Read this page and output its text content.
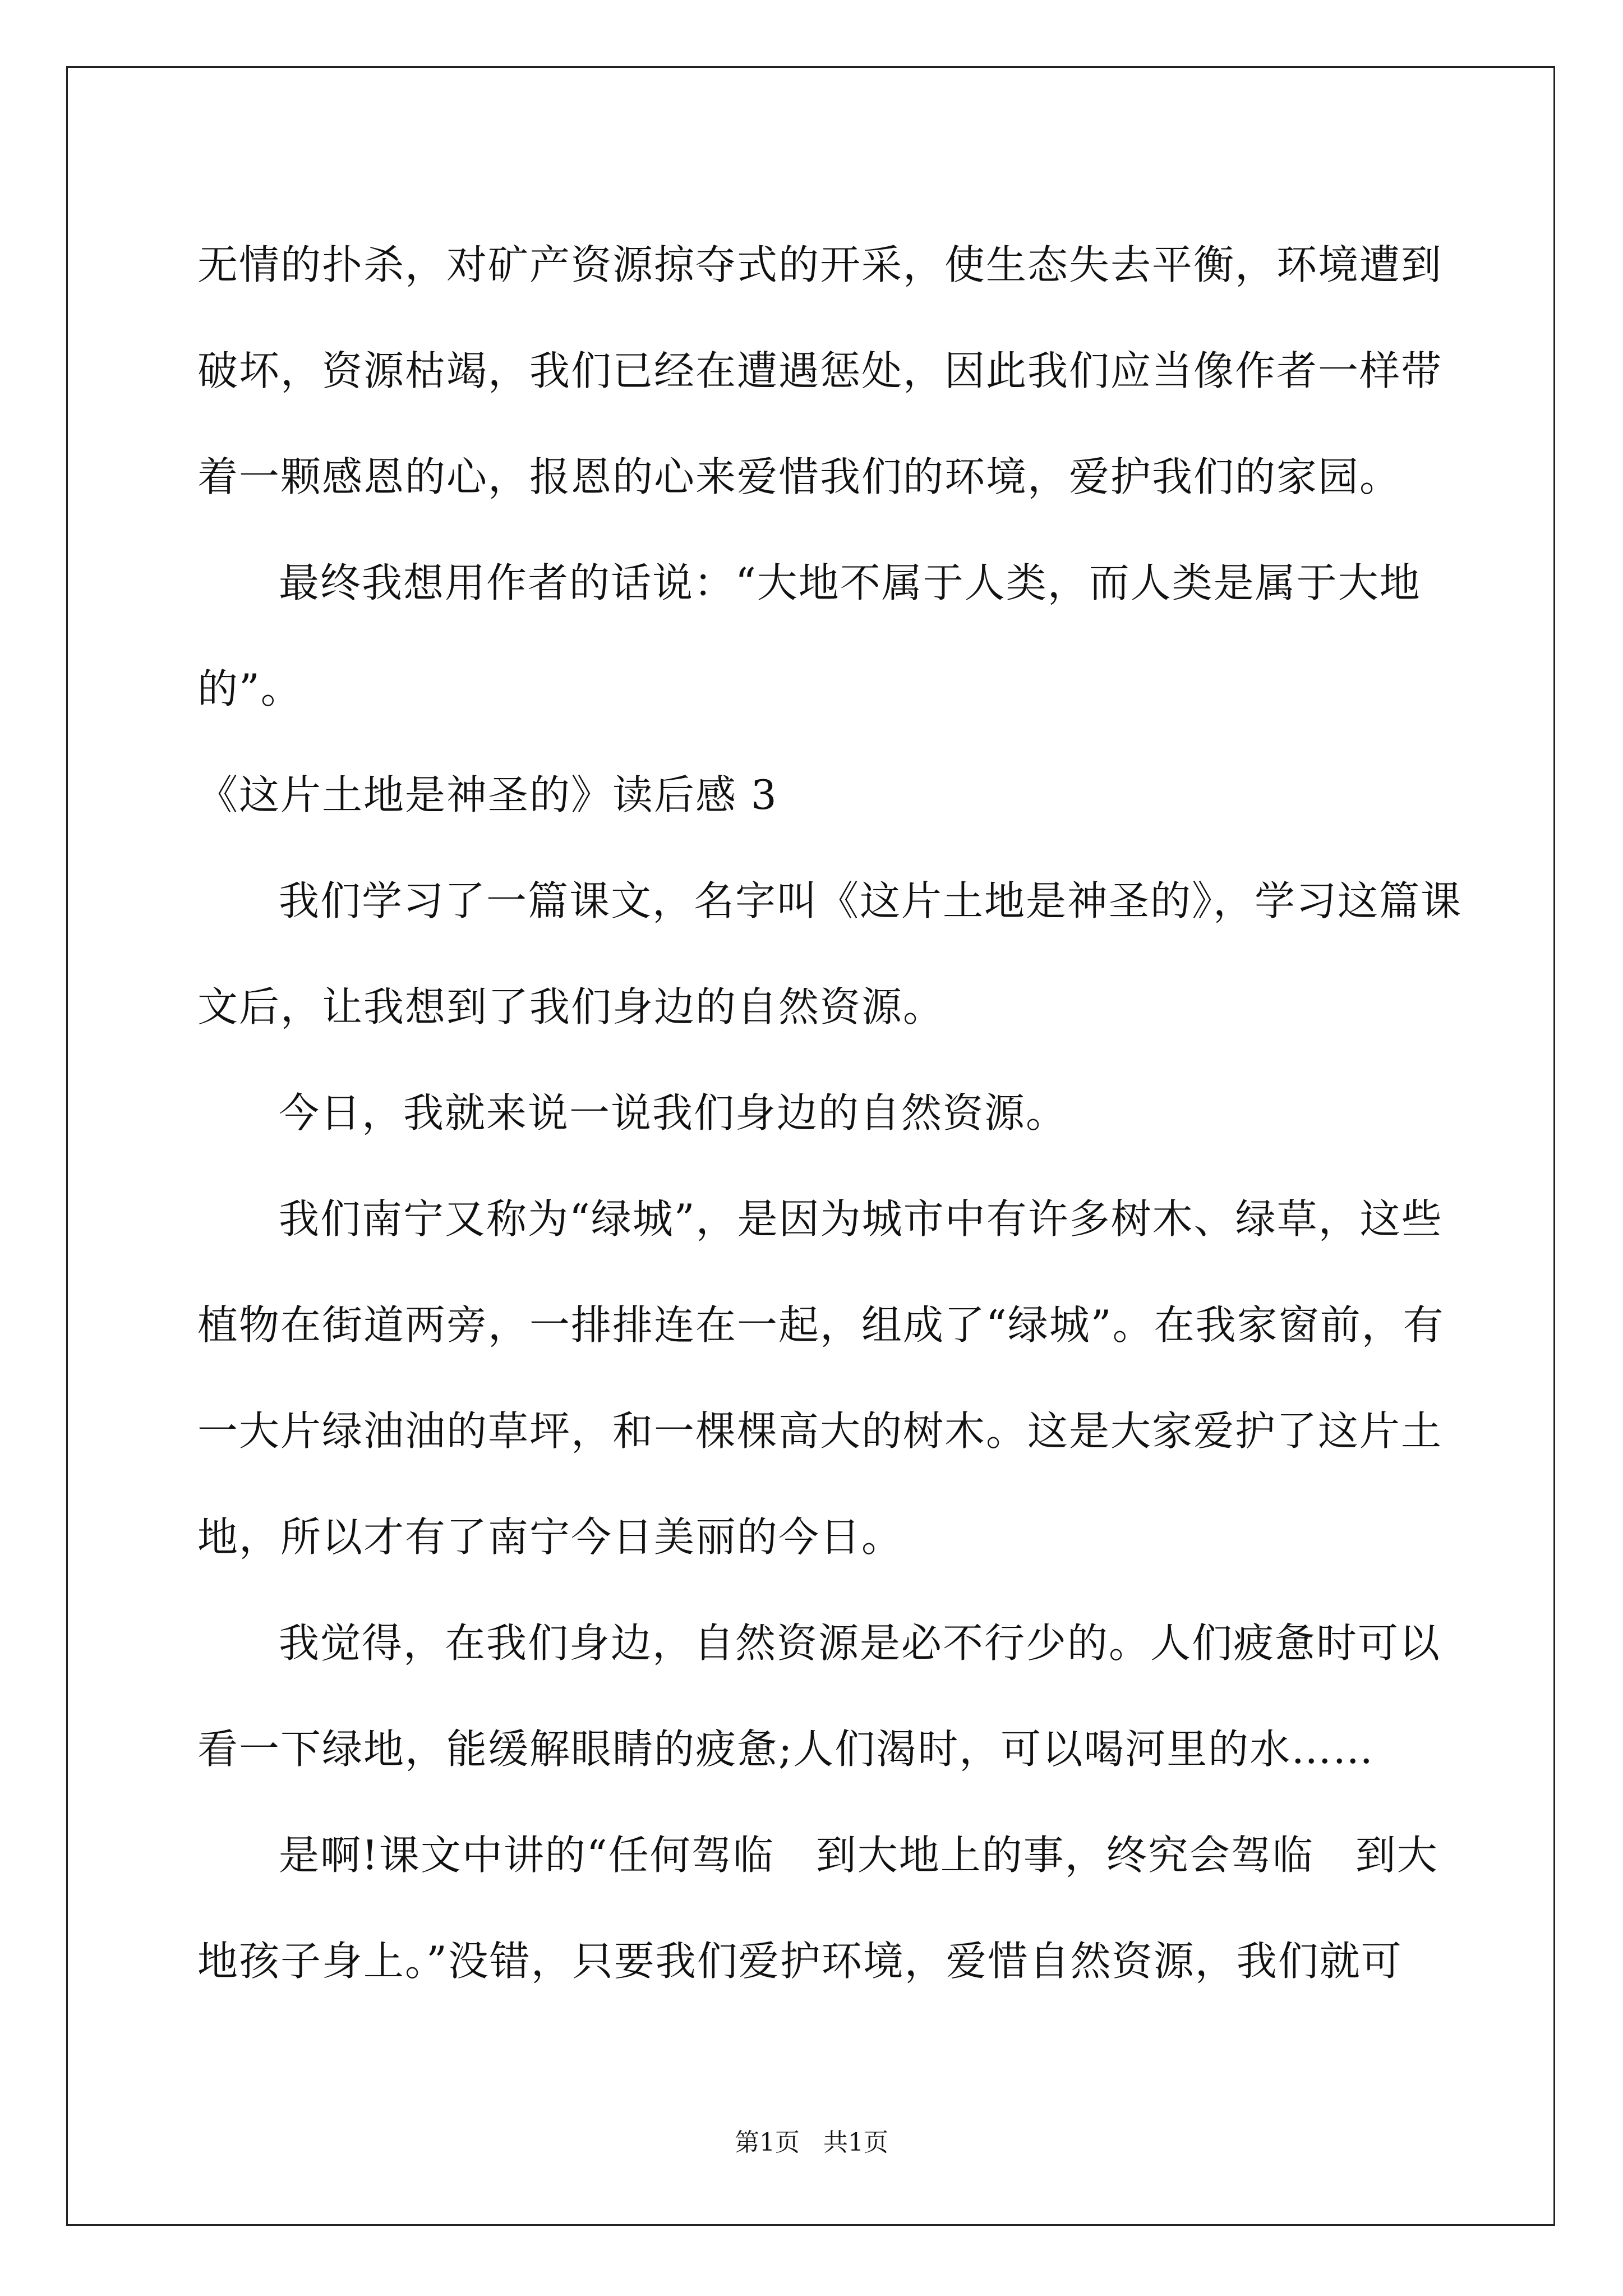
无情的扑杀，对矿产资源掠夺式的开采，使生态失去平衡，环境遭到
破坏，资源枯竭，我们已经在遭遇惩处，因此我们应当像作者一样带
着一颗感恩的心，报恩的心来爱惜我们的环境，爱护我们的家园。
最终我想用作者的话说：“大地不属于人类，而人类是属于大地
的”。
《这片土地是神圣的》读后感 3
我们学习了一篇课文，名字叫《这片土地是神圣的》，学习这篇课
文后，让我想到了我们身边的自然资源。
今日，我就来说一说我们身边的自然资源。
我们南宁又称为“绿城”，是因为城市中有许多树木、绿草，这些
植物在街道两旁，一排排连在一起，组成了“绿城”。在我家窗前，有
一大片绿油油的草坪，和一棵棵高大的树木。这是大家爱护了这片土
地，所以才有了南宁今日美丽的今日。
我觉得，在我们身边，自然资源是必不行少的。人们疲惫时可以
看一下绿地，能缓解眼睛的疲惫;人们渴时，可以喝河里的水……
是啊!课文中讲的“任何驾临　到大地上的事，终究会驾临　到大
地孩子身上。”没错，只要我们爱护环境，爱惜自然资源，我们就可
第1页   共1页
